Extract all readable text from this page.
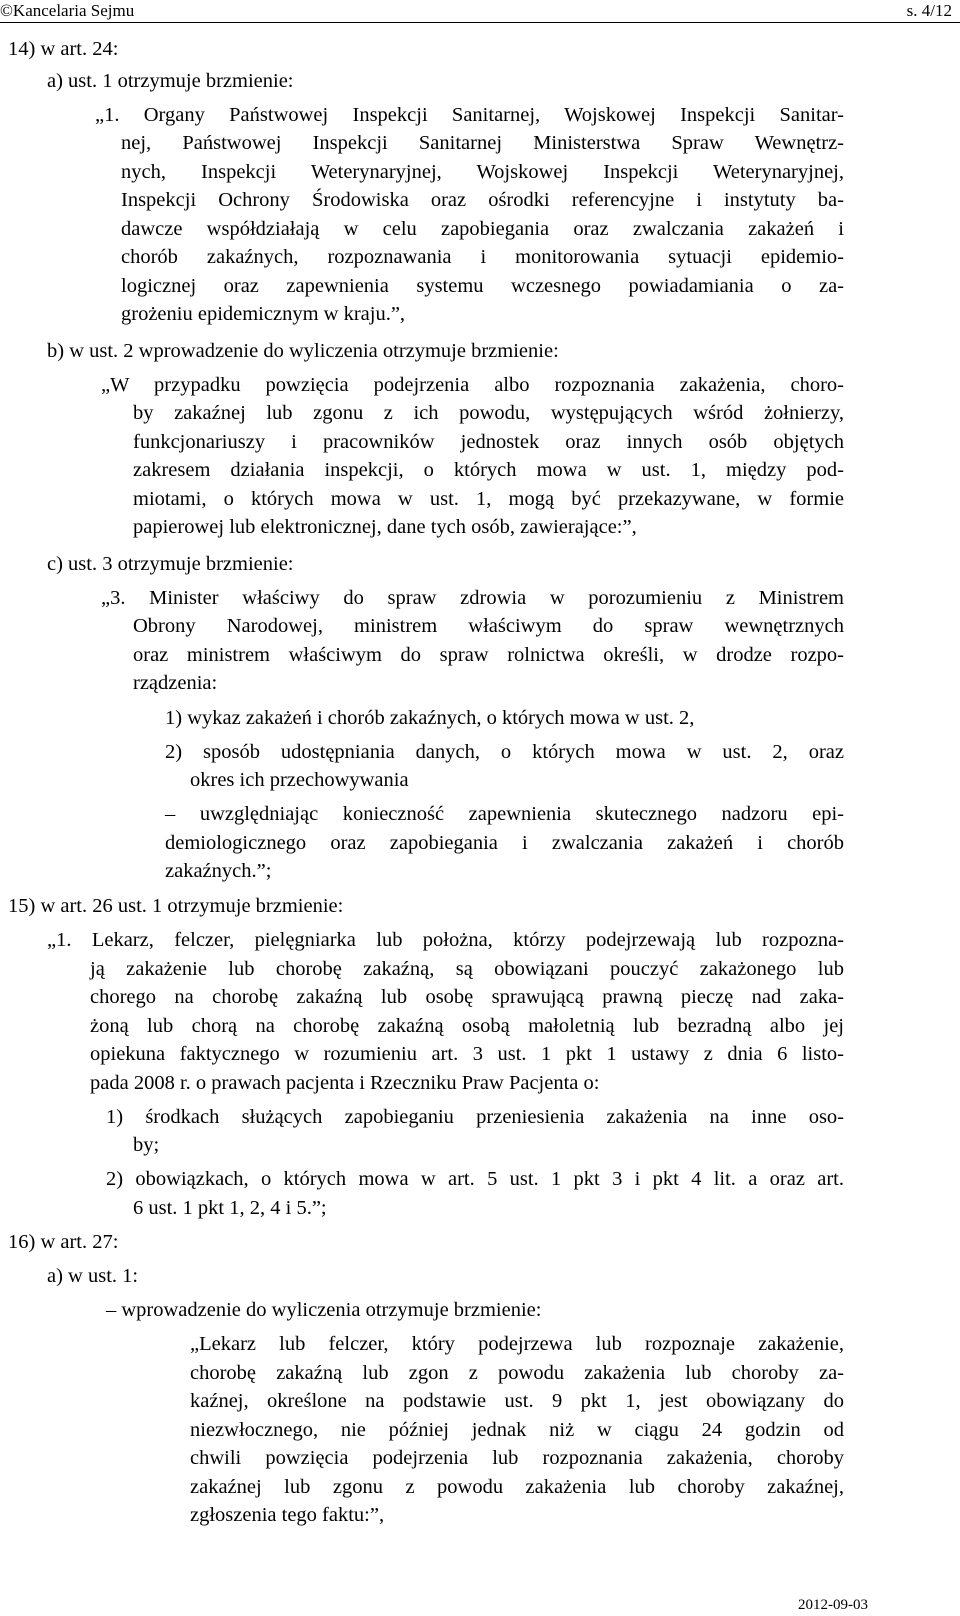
©Kancelaria Sejmu	s. 4/12
14) w art. 24:
a) ust. 1 otrzymuje brzmienie:
„1. Organy Państwowej Inspekcji Sanitarnej, Wojskowej Inspekcji Sanitar-
nej, Państwowej Inspekcji Sanitarnej Ministerstwa Spraw Wewnętrz-
nych, Inspekcji Weterynaryjnej, Wojskowej Inspekcji Weterynaryjnej,
Inspekcji Ochrony Środowiska oraz ośrodki referencyjne i instytuty ba-
dawcze współdziałają w celu zapobiegania oraz zwalczania zakażeń i
chorób zakaźnych, rozpoznawania i monitorowania sytuacji epidemio-
logicznej oraz zapewnienia systemu wczesnego powiadamiania o za-
grożeniu epidemicznym w kraju.”,
b) w ust. 2 wprowadzenie do wyliczenia otrzymuje brzmienie:
„W przypadku powzięcia podejrzenia albo rozpoznania zakażenia, choro-
by zakaźnej lub zgonu z ich powodu, występujących wśród żołnierzy,
funkcjonariuszy i pracowników jednostek oraz innych osób objętych
zakresem działania inspekcji, o których mowa w ust. 1, między pod-
miotami, o których mowa w ust. 1, mogą być przekazywane, w formie
papierowej lub elektronicznej, dane tych osób, zawierające:”,
c) ust. 3 otrzymuje brzmienie:
„3. Minister właściwy do spraw zdrowia w porozumieniu z Ministrem
Obrony Narodowej, ministrem właściwym do spraw wewnętrznych
oraz ministrem właściwym do spraw rolnictwa określi, w drodze rozpo-
rządzenia:
1) wykaz zakażeń i chorób zakaźnych, o których mowa w ust. 2,
2) sposób udostępniania danych, o których mowa w ust. 2, oraz
okres ich przechowywania
– uwzględniając konieczność zapewnienia skutecznego nadzoru epi-
demiologicznego oraz zapobiegania i zwalczania zakażeń i chorób
zakaźnych.”;
15) w art. 26 ust. 1 otrzymuje brzmienie:
„1. Lekarz, felczer, pielęgniarka lub położna, którzy podejrzewają lub rozpozna-
ją zakażenie lub chorobę zakaźną, są obowiązani pouczyć zakażonego lub
chorego na chorobę zakaźną lub osobę sprawującą prawną pieczę nad zaka-
żoną lub chorą na chorobę zakaźną osobą małoletnią lub bezradną albo jej
opiekuna faktycznego w rozumieniu art. 3 ust. 1 pkt 1 ustawy z dnia 6 listo-
pada 2008 r. o prawach pacjenta i Rzeczniku Praw Pacjenta o:
1) środkach służących zapobieganiu przeniesienia zakażenia na inne oso-
by;
2) obowiązkach, o których mowa w art. 5 ust. 1 pkt 3 i pkt 4 lit. a oraz art.
6 ust. 1 pkt 1, 2, 4 i 5.”;
16) w art. 27:
a) w ust. 1:
– wprowadzenie do wyliczenia otrzymuje brzmienie:
„Lekarz lub felczer, który podejrzewa lub rozpoznaje zakażenie,
chorobę zakaźną lub zgon z powodu zakażenia lub choroby za-
kaźnej, określone na podstawie ust. 9 pkt 1, jest obowiązany do
niezwłocznego, nie później jednak niż w ciągu 24 godzin od
chwili powzięcia podejrzenia lub rozpoznania zakażenia, choroby
zakaźnej lub zgonu z powodu zakażenia lub choroby zakaźnej,
zgłoszenia tego faktu:”,
2012-09-03
